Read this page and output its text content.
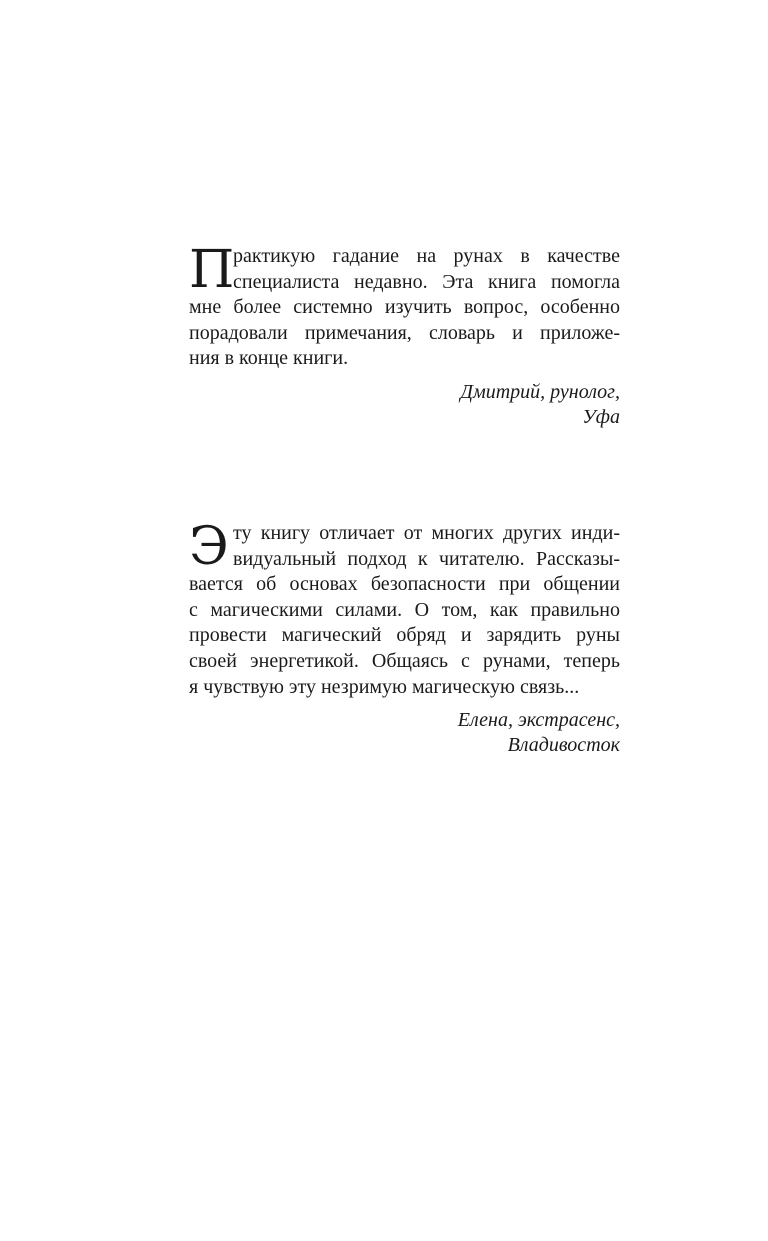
П рактикую гадание на рунах в качестве
специалиста недавно. Эта книга помогла
мне более системно изучить вопрос, особенно
порадовали примечания, словарь и приложе-
ния в конце книги.
Дмитрий, рунолог,
Уфа
Э ту книгу отличает от многих других инди-
видуальный подход к читателю. Рассказы-
вается об основах безопасности при общении
с магическими силами. О том, как правильно
провести магический обряд и зарядить руны
своей энергетикой. Общаясь с рунами, теперь
я чувствую эту незримую магическую связь...
Елена, экстрасенс,
Владивосток
